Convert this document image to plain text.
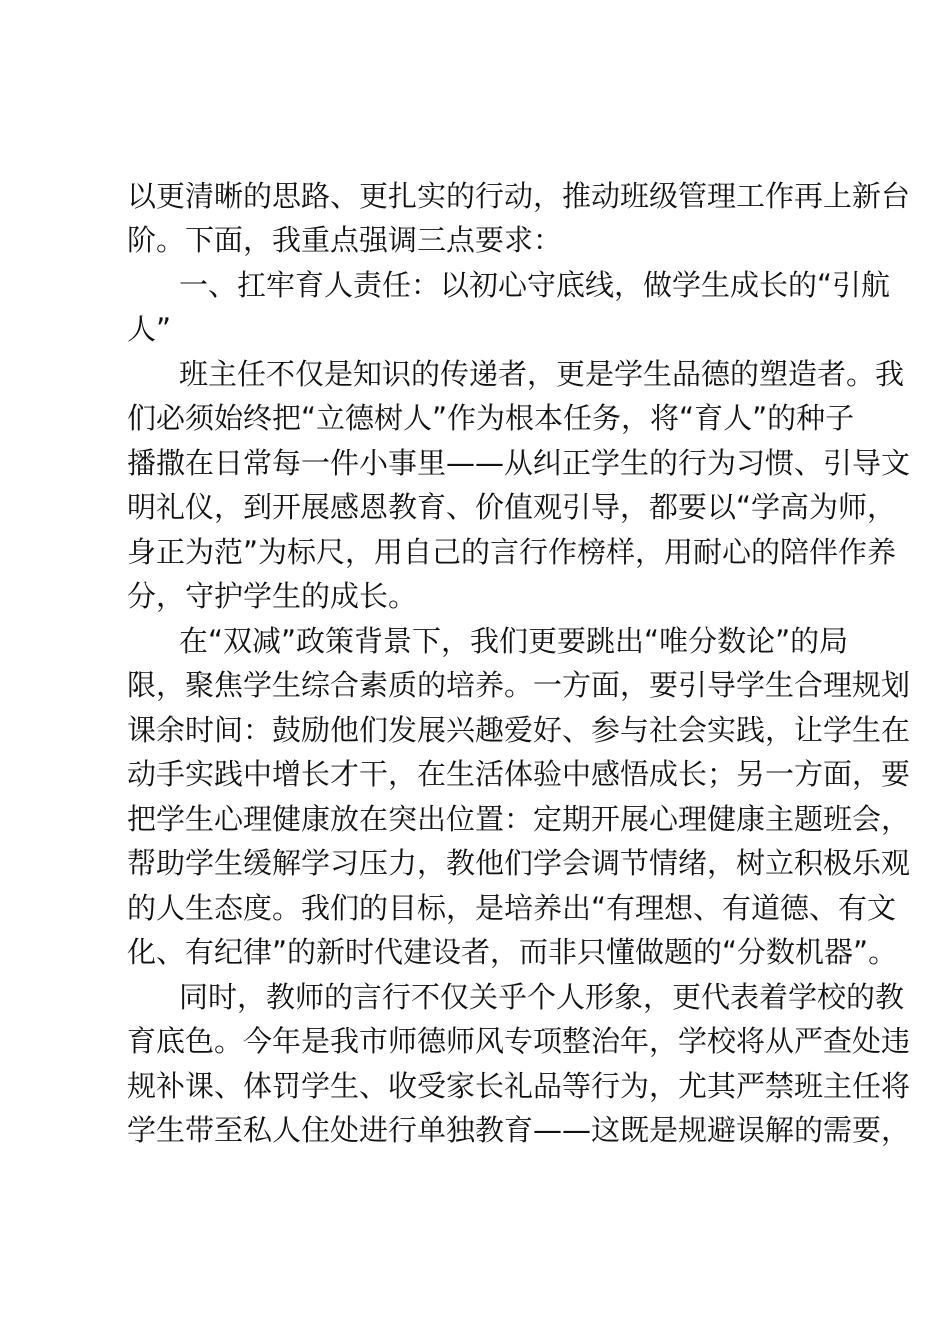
以更清晰的思路、更扎实的行动，推动班级管理工作再上新台
阶。下面，我重点强调三点要求：
一、扛牢育人责任：以初心守底线，做学生成长的“引航
人”
班主任不仅是知识的传递者，更是学生品德的塑造者。我
们必须始终把“立德树人”作为根本任务，将“育人”的种子
播撒在日常每一件小事里——从纠正学生的行为习惯、引导文
明礼仪，到开展感恩教育、价值观引导，都要以“学高为师，
身正为范”为标尺，用自己的言行作榜样，用耐心的陪伴作养
分，守护学生的成长。
在“双减”政策背景下，我们更要跳出“唯分数论”的局
限，聚焦学生综合素质的培养。一方面，要引导学生合理规划
课余时间：鼓励他们发展兴趣爱好、参与社会实践，让学生在
动手实践中增长才干，在生活体验中感悟成长；另一方面，要
把学生心理健康放在突出位置：定期开展心理健康主题班会，
帮助学生缓解学习压力，教他们学会调节情绪，树立积极乐观
的人生态度。我们的目标，是培养出“有理想、有道德、有文
化、有纪律”的新时代建设者，而非只懂做题的“分数机器”。
同时，教师的言行不仅关乎个人形象，更代表着学校的教
育底色。今年是我市师德师风专项整治年，学校将从严查处违
规补课、体罚学生、收受家长礼品等行为，尤其严禁班主任将
学生带至私人住处进行单独教育——这既是规避误解的需要，
